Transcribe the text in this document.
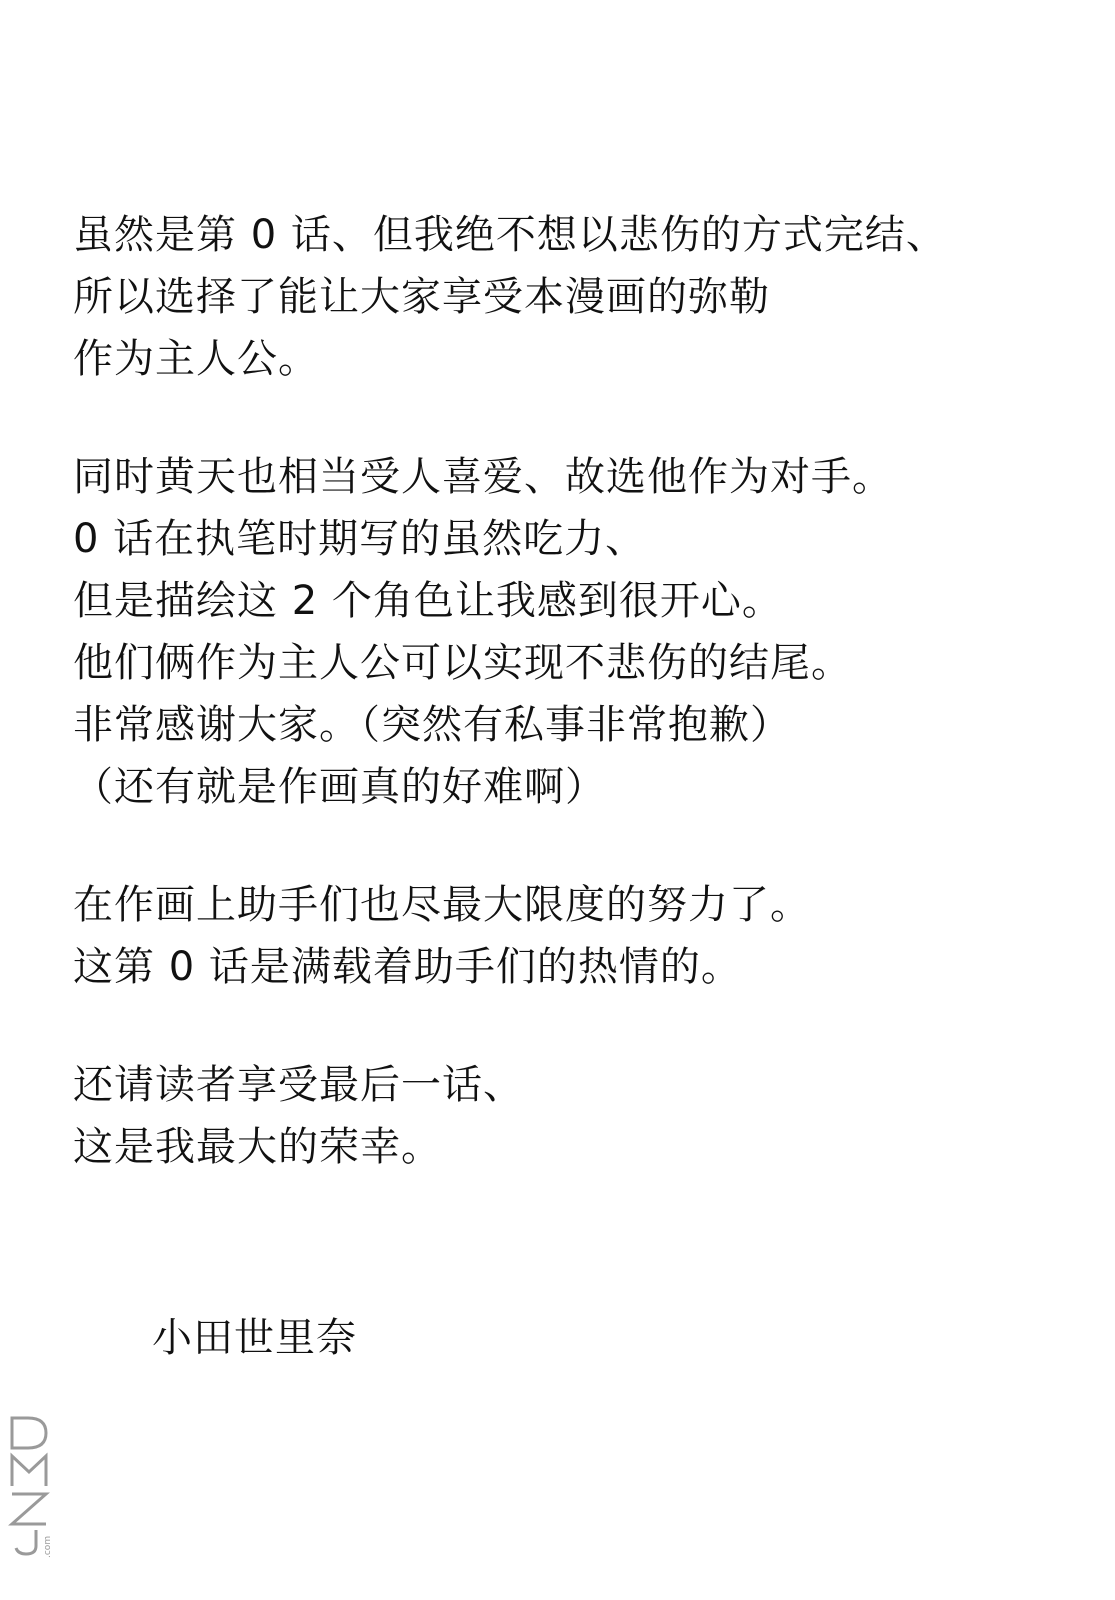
虽然是第 0 话、但我绝不想以悲伤的方式完结、
所以选择了能让大家享受本漫画的弥勒
作为主人公。
同时黄天也相当受人喜爱、故选他作为对手。
0 话在执笔时期写的虽然吃力、
但是描绘这 2 个角色让我感到很开心。
他们俩作为主人公可以实现不悲伤的结尾。
非常感谢大家。（突然有私事非常抱歉）
（还有就是作画真的好难啊）
在作画上助手们也尽最大限度的努力了。
这第 0 话是满载着助手们的热情的。
还请读者享受最后一话、
这是我最大的荣幸。
小田世里奈
.com
